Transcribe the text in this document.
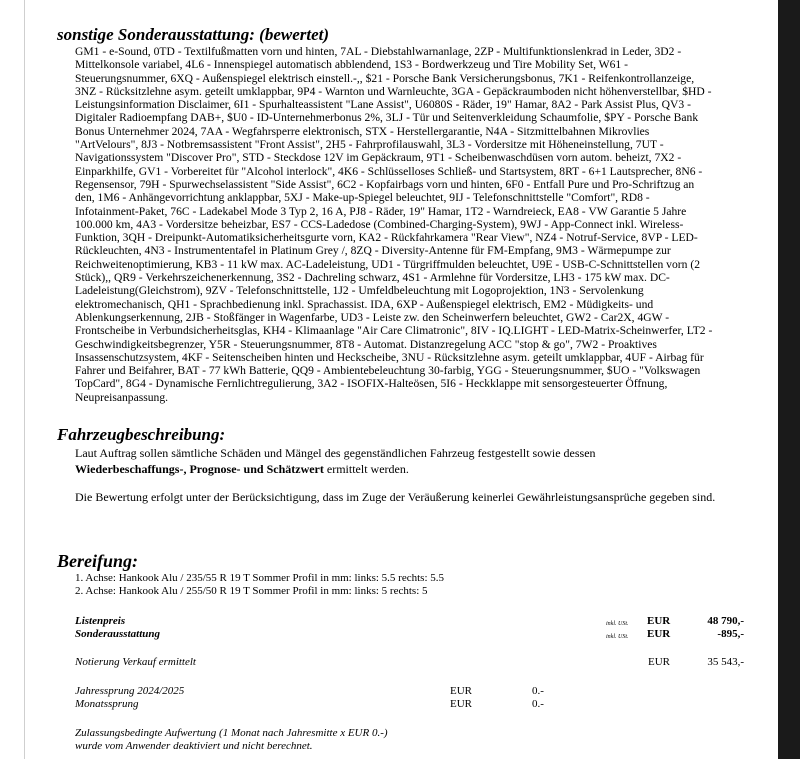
sonstige Sonderausstattung: (bewertet)

GM1 - e-Sound, 0TD - Textilfußmatten vorn und hinten, 7AL - Diebstahlwarnanlage, 2ZP - Multifunktionslenkrad in Leder, 3D2 - Mittelkonsole variabel, 4L6 - Innenspiegel automatisch abblendend, 1S3 - Bordwerkzeug und Tire Mobility Set, W61 - Steuerungsnummer, 6XQ - Außenspiegel elektrisch einstell.-,, $21 - Porsche Bank Versicherungsbonus, 7K1 - Reifenkontrollanzeige, 3NZ - Rücksitzlehne asym. geteilt umklappbar, 9P4 - Warnton und Warnleuchte, 3GA - Gepäckraumboden nicht höhenverstellbar, $HD - Leistungsinformation Disclaimer, 6I1 - Spurhalteassistent "Lane Assist", U6080S - Räder, 19" Hamar, 8A2 - Park Assist Plus, QV3 - Digitaler Radioempfang DAB+, $U0 - ID-Unternehmerbonus 2%, 3LJ - Tür und Seitenverkleidung Schaumfolie, $PY - Porsche Bank Bonus Unternehmer 2024, 7AA - Wegfahrsperre elektronisch, STX - Herstellergarantie, N4A - Sitzmittelbahnen Mikrovlies "ArtVelours", 8J3 - Notbremsassistent "Front Assist", 2H5 - Fahrprofilauswahl, 3L3 - Vordersitze mit Höheneinstellung, 7UT - Navigationssystem "Discover Pro", STD - Steckdose 12V im Gepäckraum, 9T1 - Scheibenwaschdüsen vorn autom. beheizt, 7X2 - Einparkhilfe, GV1 - Vorbereitet für "Alcohol interlock", 4K6 - Schlüsselloses Schließ- und Startsystem, 8RT - 6+1 Lautsprecher, 8N6 - Regensensor, 79H - Spurwechselassistent "Side Assist", 6C2 - Kopfairbags vorn und hinten, 6F0 - Entfall Pure und Pro-Schriftzug an den, 1M6 - Anhängevorrichtung anklappbar, 5XJ - Make-up-Spiegel beleuchtet, 9IJ - Telefonschnittstelle "Comfort", RD8 - Infotainment-Paket, 76C - Ladekabel Mode 3 Typ 2, 16 A, PJ8 - Räder, 19" Hamar, 1T2 - Warndreieck, EA8 - VW Garantie 5 Jahre 100.000 km, 4A3 - Vordersitze beheizbar, ES7 - CCS-Ladedose (Combined-Charging-System), 9WJ - App-Connect inkl. Wireless-Funktion, 3QH - Dreipunkt-Automatiksicherheitsgurte vorn, KA2 - Rückfahrkamera "Rear View", NZ4 - Notruf-Service, 8VP - LED-Rückleuchten, 4N3 - Instrumententafel in Platinum Grey /, 8ZQ - Diversity-Antenne für FM-Empfang, 9M3 - Wärmepumpe zur Reichweitenoptimierung, KB3 - 11 kW max. AC-Ladeleistung, UD1 - Türgriffmulden beleuchtet, U9E - USB-C-Schnittstellen vorn (2 Stück),, QR9 - Verkehrszeichenerkennung, 3S2 - Dachreling schwarz, 4S1 - Armlehne für Vordersitze, LH3 - 175 kW max. DC-Ladeleistung(Gleichstrom), 9ZV - Telefonschnittstelle, 1J2 - Umfeldbeleuchtung mit Logoprojektion, 1N3 - Servolenkung elektromechanisch, QH1 - Sprachbedienung inkl. Sprachassist. IDA, 6XP - Außenspiegel elektrisch, EM2 - Müdigkeits- und Ablenkungserkennung, 2JB - Stoßfänger in Wagenfarbe, UD3 - Leiste zw. den Scheinwerfern beleuchtet, GW2 - Car2X, 4GW - Frontscheibe in Verbundsicherheitsglas, KH4 - Klimaanlage "Air Care Climatronic", 8IV - IQ.LIGHT - LED-Matrix-Scheinwerfer, LT2 - Geschwindigkeitsbegrenzer, Y5R - Steuerungsnummer, 8T8 - Automat. Distanzregelung ACC "stop & go", 7W2 - Proaktives Insassenschutzsystem, 4KF - Seitenscheiben hinten und Heckscheibe, 3NU - Rücksitzlehne asym. geteilt umklappbar, 4UF - Airbag für Fahrer und Beifahrer, BAT - 77 kWh Batterie, QQ9 - Ambientebeleuchtung 30-farbig, YGG - Steuerungsnummer, $UO - "Volkswagen TopCard", 8G4 - Dynamische Fernlichtregulierung, 3A2 - ISOFIX-Halteösen, 5I6 - Heckklappe mit sensorgesteuerter Öffnung, Neupreisanpassung.

Fahrzeugbeschreibung:

Laut Auftrag sollen sämtliche Schäden und Mängel des gegenständlichen Fahrzeug festgestellt sowie dessen
Wiederbeschaffungs-, Prognose- und Schätzwert ermittelt werden.

Die Bewertung erfolgt unter der Berücksichtigung, dass im Zuge der Veräußerung keinerlei Gewährleistungsansprüche gegeben sind.

Bereifung:
1. Achse: Hankook Alu / 235/55 R 19 T Sommer Profil in mm: links: 5.5 rechts: 5.5
2. Achse: Hankook Alu / 255/50 R 19 T Sommer Profil in mm: links: 5 rechts: 5
Listenpreis	inkl. USt. EUR	48 790,-
Sonderausstattung	inkl. USt. EUR	-895,-
Notierung Verkauf ermittelt	EUR	35 543,-
Jahressprung 2024/2025	EUR	0.-
Monatssprung	EUR	0.-
Zulassungsbedingte Aufwertung (1 Monat nach Jahresmitte x EUR 0.-)
wurde vom Anwender deaktiviert und nicht berechnet.
